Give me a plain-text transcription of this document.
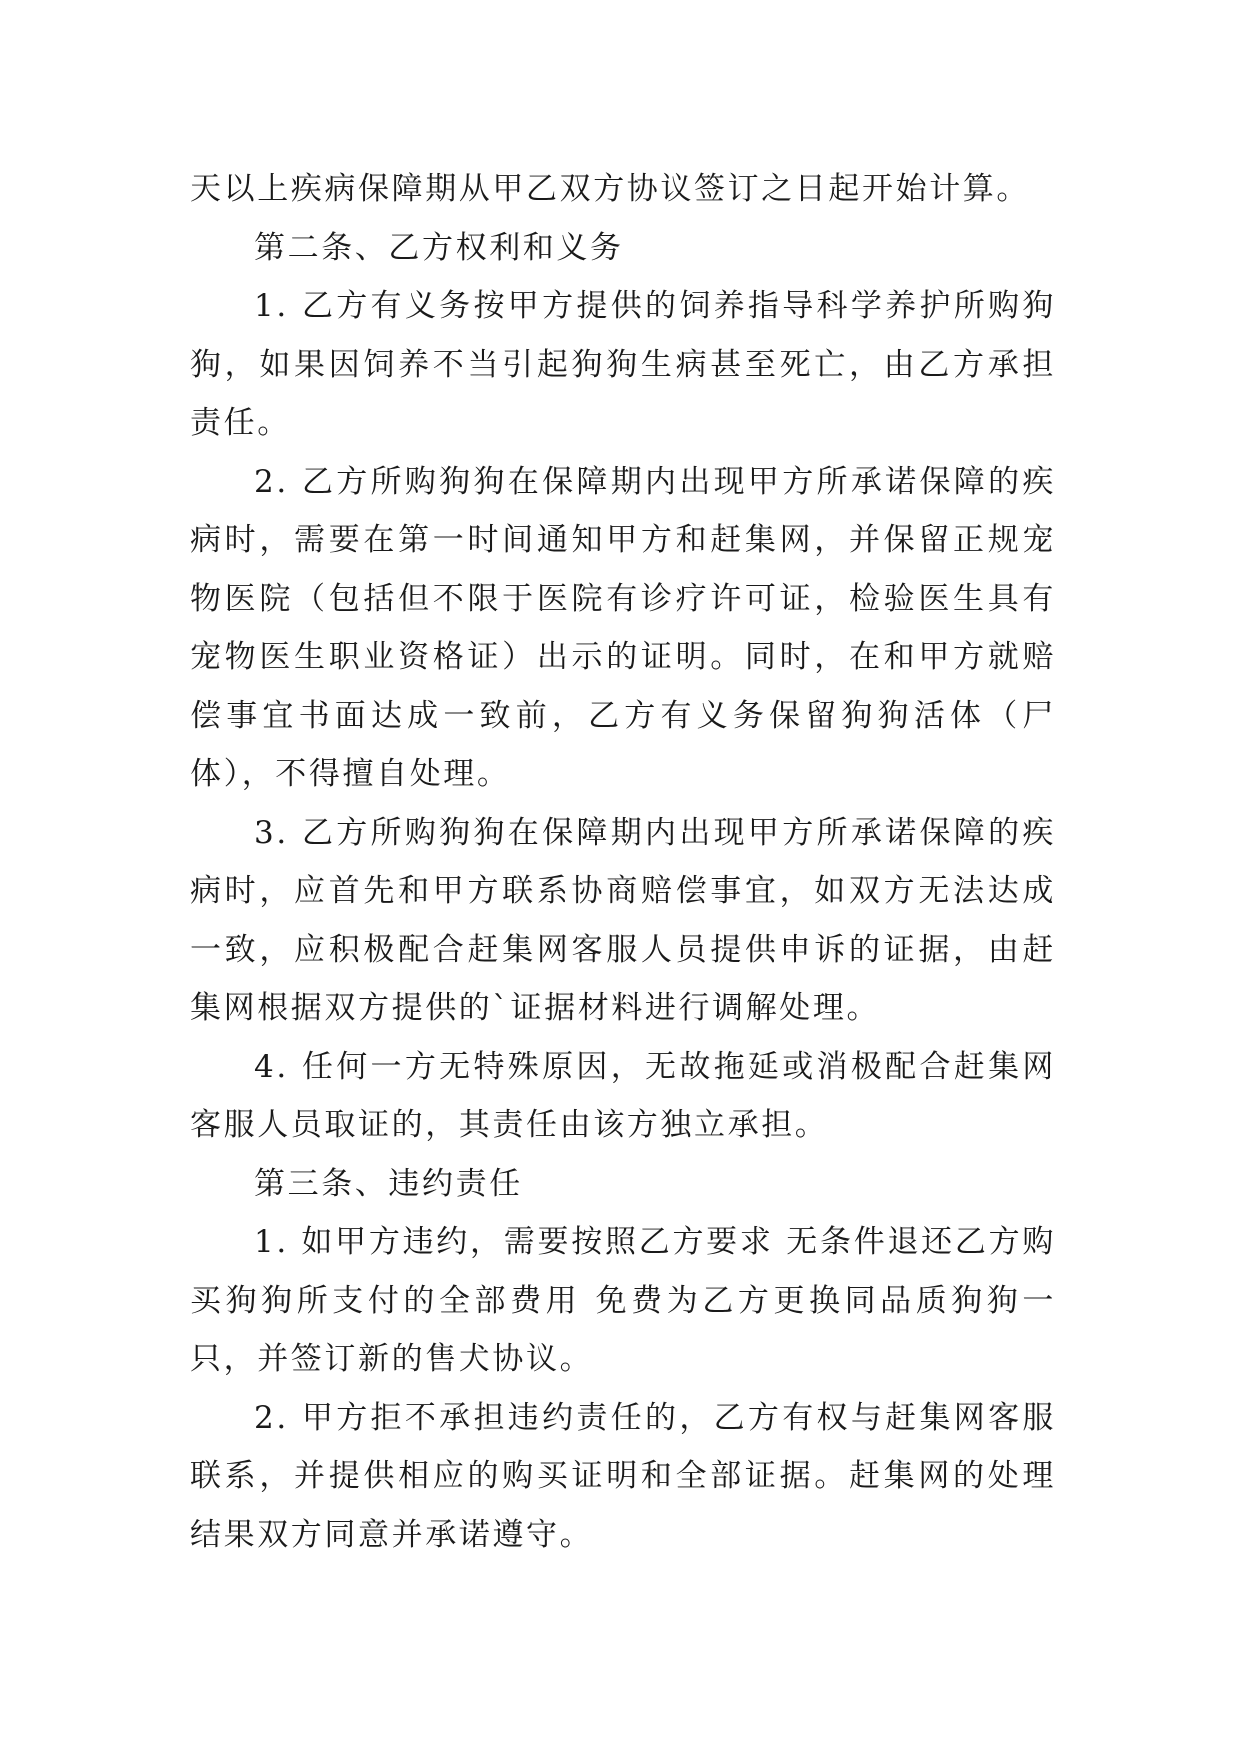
天以上疾病保障期从甲乙双方协议签订之日起开始计算。

第二条、乙方权利和义务

1. 乙方有义务按甲方提供的饲养指导科学养护所购狗狗，如果因饲养不当引起狗狗生病甚至死亡，由乙方承担责任。

2. 乙方所购狗狗在保障期内出现甲方所承诺保障的疾病时，需要在第一时间通知甲方和赶集网，并保留正规宠物医院（包括但不限于医院有诊疗许可证，检验医生具有宠物医生职业资格证）出示的证明。同时，在和甲方就赔偿事宜书面达成一致前，乙方有义务保留狗狗活体（尸体），不得擅自处理。

3. 乙方所购狗狗在保障期内出现甲方所承诺保障的疾病时，应首先和甲方联系协商赔偿事宜，如双方无法达成一致，应积极配合赶集网客服人员提供申诉的证据，由赶集网根据双方提供的`证据材料进行调解处理。

4. 任何一方无特殊原因，无故拖延或消极配合赶集网客服人员取证的，其责任由该方独立承担。

第三条、违约责任

1. 如甲方违约，需要按照乙方要求 无条件退还乙方购买狗狗所支付的全部费用 免费为乙方更换同品质狗狗一只，并签订新的售犬协议。

2. 甲方拒不承担违约责任的，乙方有权与赶集网客服联系，并提供相应的购买证明和全部证据。赶集网的处理结果双方同意并承诺遵守。
